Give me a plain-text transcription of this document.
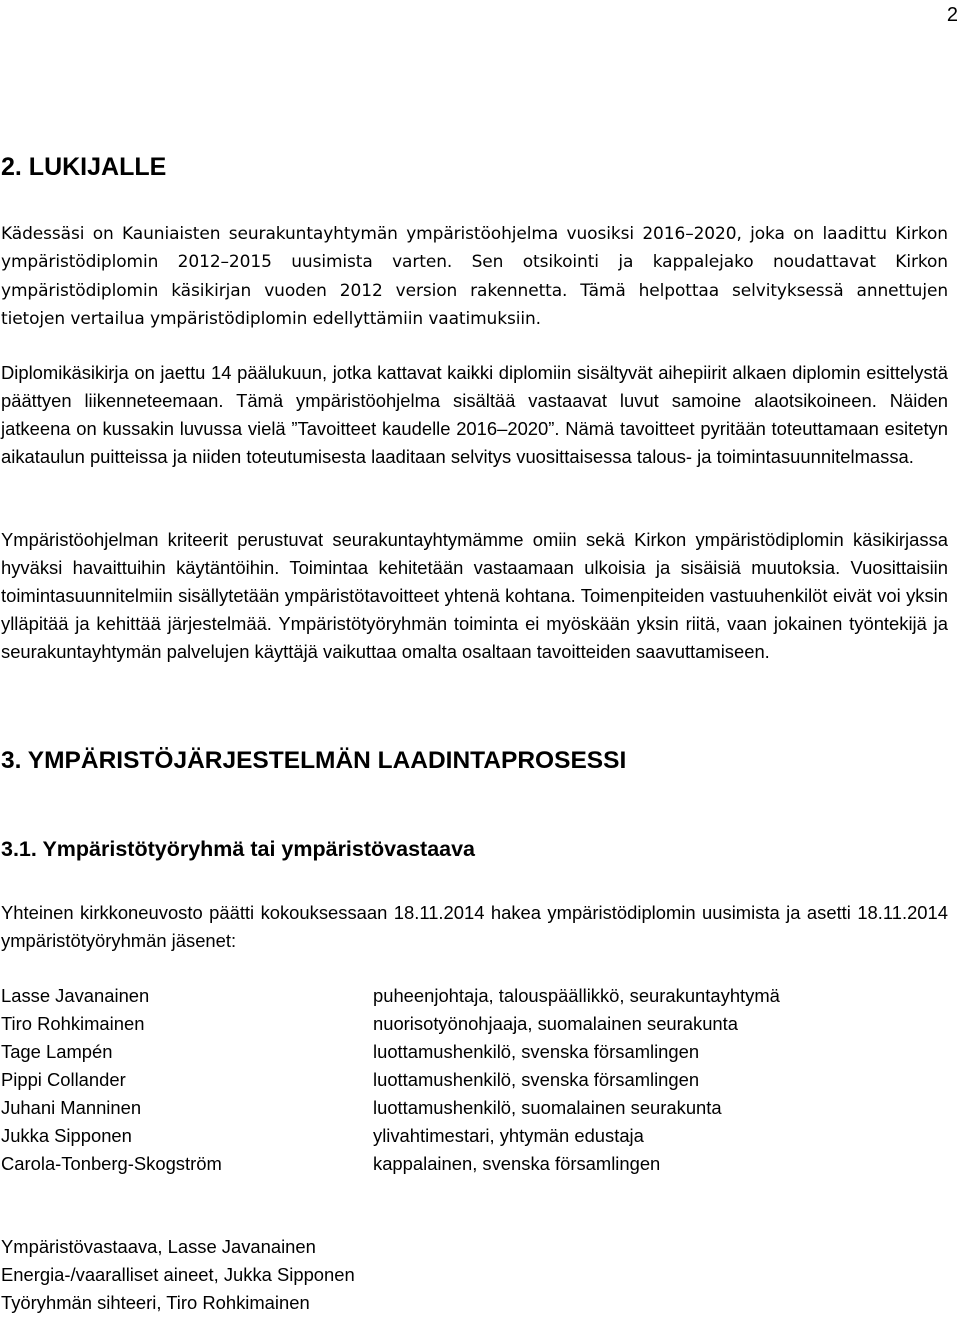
2
2. LUKIJALLE

Kädessäsi on Kauniaisten seurakuntayhtymän ympäristöohjelma vuosiksi 2016–2020, joka on laadittu Kirkon ympäristödiplomin 2012–2015 uusimista varten. Sen otsikointi ja kappalejako noudattavat Kirkon ympäristödiplomin käsikirjan vuoden 2012 version rakennetta. Tämä helpottaa selvityksessä annettujen tietojen vertailua ympäristödiplomin edellyttämiin vaatimuksiin.

Diplomikäsikirja on jaettu 14 päälukuun, jotka kattavat kaikki diplomiin sisältyvät aihepiirit alkaen diplomin esittelystä päättyen liikenneteemaan. Tämä ympäristöohjelma sisältää vastaavat luvut samoine alaotsikoineen. Näiden jatkeena on kussakin luvussa vielä ”Tavoitteet kaudelle 2016–2020”. Nämä tavoitteet pyritään toteuttamaan esitetyn aikataulun puitteissa ja niiden toteutumisesta laaditaan selvitys vuosittaisessa talous- ja toimintasuunnitelmassa.

Ympäristöohjelman kriteerit perustuvat seurakuntayhtymämme omiin sekä Kirkon ympäristödiplomin käsikirjassa hyväksi havaittuihin käytäntöihin. Toimintaa kehitetään vastaamaan ulkoisia ja sisäisiä muutoksia. Vuosittaisiin toimintasuunnitelmiin sisällytetään ympäristötavoitteet yhtenä kohtana. Toimenpiteiden vastuuhenkilöt eivät voi yksin ylläpitää ja kehittää järjestelmää. Ympäristötyöryhmän toiminta ei myöskään yksin riitä, vaan jokainen työntekijä ja seurakuntayhtymän palvelujen käyttäjä vaikuttaa omalta osaltaan tavoitteiden saavuttamiseen.

3. YMPÄRISTÖJÄRJESTELMÄN LAADINTAPROSESSI
3.1. Ympäristötyöryhmä tai ympäristövastaava

Yhteinen kirkkoneuvosto päätti kokouksessaan 18.11.2014 hakea ympäristödiplomin uusimista ja asetti 18.11.2014 ympäristötyöryhmän jäsenet:

Lasse Javanainen	puheenjohtaja, talouspäällikkö, seurakuntayhtymä
Tiro Rohkimainen	nuorisotyönohjaaja, suomalainen seurakunta
Tage Lampén	luottamushenkilö, svenska församlingen
Pippi Collander	luottamushenkilö, svenska församlingen
Juhani Manninen	luottamushenkilö, suomalainen seurakunta
Jukka Sipponen	ylivahtimestari, yhtymän edustaja
Carola-Tonberg-Skogström	kappalainen, svenska församlingen
Ympäristövastaava, Lasse Javanainen
Energia-/vaaralliset aineet, Jukka Sipponen
Työryhmän sihteeri, Tiro Rohkimainen
